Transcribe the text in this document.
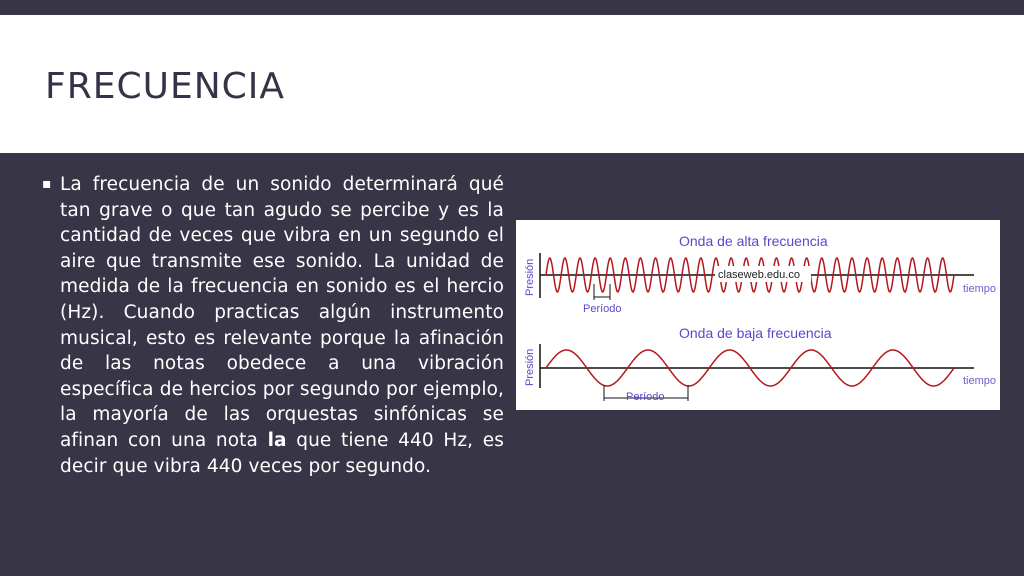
FRECUENCIA
▪ La frecuencia de un sonido determinará qué tan grave o que tan agudo se percibe y es la cantidad de veces que vibra en un segundo el aire que transmite ese sonido. La unidad de medida de la frecuencia en sonido es el hercio (Hz). Cuando practicas algún instrumento musical, esto es relevante porque la afinación de las notas obedece a una vibración específica de hercios por segundo por ejemplo, la mayoría de las orquestas sinfónicas se afinan con una nota la que tiene 440 Hz, es decir que vibra 440 veces por segundo.

Onda de alta frecuencia
Presión	claseweb.edu.co
tiempo
Período
Onda de baja frecuencia
Presión	tiempo
Período
